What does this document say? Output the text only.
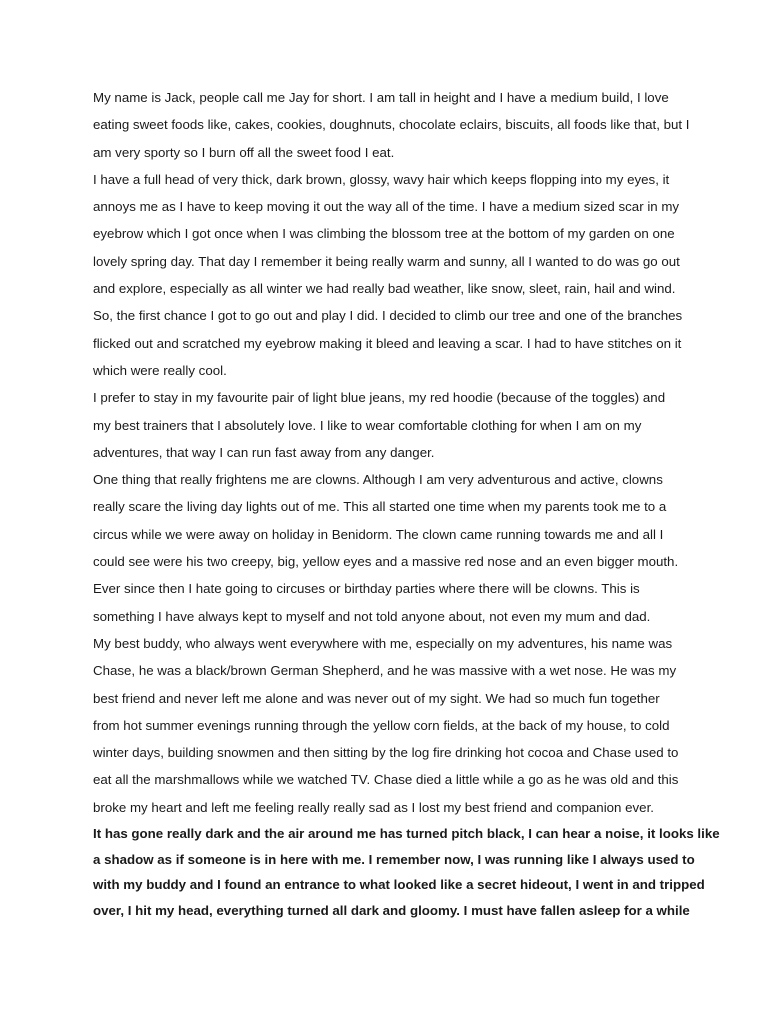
My name is Jack, people call me Jay for short. I am tall in height and I have a medium build, I love
eating sweet foods like, cakes, cookies, doughnuts, chocolate eclairs, biscuits, all foods like that, but I
am very sporty so I burn off all the sweet food I eat.
I have a full head of very thick, dark brown, glossy, wavy hair which keeps flopping into my eyes, it
annoys me as I have to keep moving it out the way all of the time. I have a medium sized scar in my
eyebrow which I got once when I was climbing the blossom tree at the bottom of my garden on one
lovely spring day. That day I remember it being really warm and sunny, all I wanted to do was go out
and explore, especially as all winter we had really bad weather, like snow, sleet, rain, hail and wind.
So, the first chance I got to go out and play I did. I decided to climb our tree and one of the branches
flicked out and scratched my eyebrow making it bleed and leaving a scar. I had to have stitches on it
which were really cool.
I prefer to stay in my favourite pair of light blue jeans, my red hoodie (because of the toggles) and
my best trainers that I absolutely love. I like to wear comfortable clothing for when I am on my
adventures, that way I can run fast away from any danger.
One thing that really frightens me are clowns. Although I am very adventurous and active, clowns
really scare the living day lights out of me. This all started one time when my parents took me to a
circus while we were away on holiday in Benidorm. The clown came running towards me and all I
could see were his two creepy, big, yellow eyes and a massive red nose and an even bigger mouth.
Ever since then I hate going to circuses or birthday parties where there will be clowns. This is
something I have always kept to myself and not told anyone about, not even my mum and dad.
My best buddy, who always went everywhere with me, especially on my adventures, his name was
Chase, he was a black/brown German Shepherd, and he was massive with a wet nose. He was my
best friend and never left me alone and was never out of my sight. We had so much fun together
from hot summer evenings running through the yellow corn fields, at the back of my house, to cold
winter days, building snowmen and then sitting by the log fire drinking hot cocoa and Chase used to
eat all the marshmallows while we watched TV. Chase died a little while a go as he was old and this
broke my heart and left me feeling really really sad as I lost my best friend and companion ever.
It has gone really dark and the air around me has turned pitch black, I can hear a noise, it looks like
a shadow as if someone is in here with me. I remember now, I was running like I always used to
with my buddy and I found an entrance to what looked like a secret hideout, I went in and tripped
over, I hit my head, everything turned all dark and gloomy. I must have fallen asleep for a while
